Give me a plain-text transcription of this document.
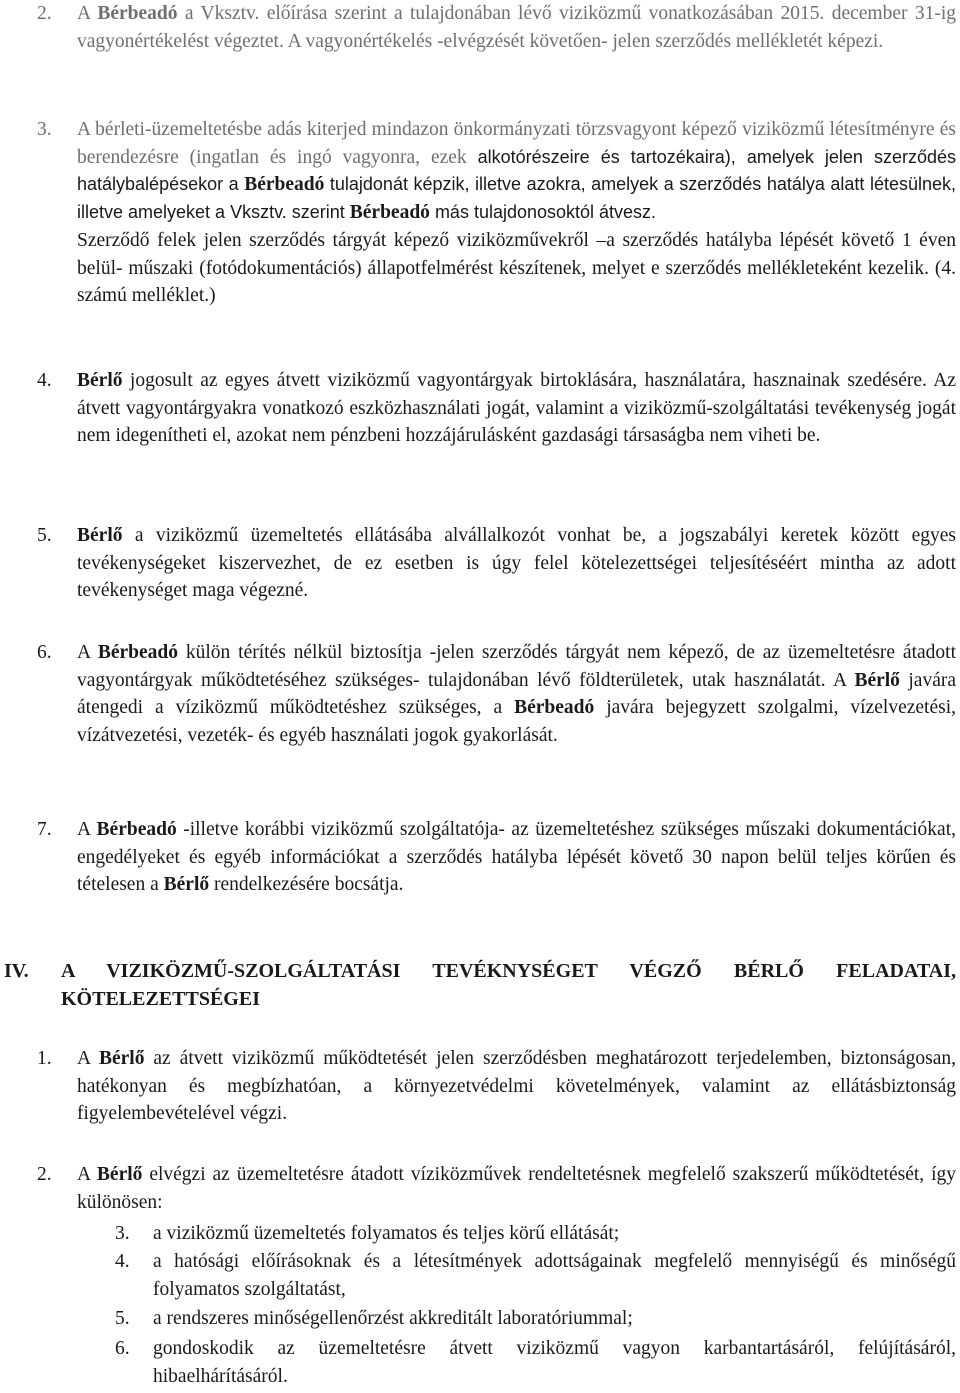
2. A Bérbeadó a Vksztv. előírása szerint a tulajdonában lévő viziközmű vonatkozásában 2015. december 31-ig vagyonértékelést végeztet. A vagyonértékelés -elvégzését követően- jelen szerződés mellékletét képezi.
3. A bérleti-üzemeltetésbe adás kiterjed mindazon önkormányzati törzsvagyont képező viziközmű létesítményre és berendezésre (ingatlan és ingó vagyonra, ezek alkotórészeire és tartozékaira), amelyek jelen szerződés hatálybalépésekor a Bérbeadó tulajdonát képzik, illetve azokra, amelyek a szerződés hatálya alatt létesülnek, illetve amelyeket a Vksztv. szerint Bérbeadó más tulajdonosoktól átvesz.
Szerződő felek jelen szerződés tárgyát képező viziközművekről –a szerződés hatályba lépését követő 1 éven belül- műszaki (fotódokumentációs) állapotfelmérést készítenek, melyet e szerződés mellékleteként kezelik. (4. számú melléklet.)
4. Bérlő jogosult az egyes átvett viziközmű vagyontárgyak birtoklására, használatára, hasznainak szedésére. Az átvett vagyontárgyakra vonatkozó eszközhasználati jogát, valamint a viziközmű-szolgáltatási tevékenység jogát nem idegenítheti el, azokat nem pénzbeni hozzájárulásként gazdasági társaságba nem viheti be.
5. Bérlő a viziközmű üzemeltetés ellátásába alvállalkozót vonhat be, a jogszabályi keretek között egyes tevékenységeket kiszervezhet, de ez esetben is úgy felel kötelezettségei teljesítéséért mintha az adott tevékenységet maga végezné.
6. A Bérbeadó külön térítés nélkül biztosítja -jelen szerződés tárgyát nem képező, de az üzemeltetésre átadott vagyontárgyak működtetéséhez szükséges- tulajdonában lévő földterületek, utak használatát. A Bérlő javára átengedi a víziközmű működtetéshez szükséges, a Bérbeadó javára bejegyzett szolgalmi, vízelvezetési, vízátvezetési, vezeték- és egyéb használati jogok gyakorlását.
7. A Bérbeadó -illetve korábbi viziközmű szolgáltatója- az üzemeltetéshez szükséges műszaki dokumentációkat, engedélyeket és egyéb információkat a szerződés hatályba lépését követő 30 napon belül teljes körűen és tételesen a Bérlő rendelkezésére bocsátja.
IV. A VIZIKÖZMŰ-SZOLGÁLTATÁSI TEVÉKNYSÉGET VÉGZŐ BÉRLŐ FELADATAI, KÖTELEZETTSÉGEI
1. A Bérlő az átvett viziközmű működtetését jelen szerződésben meghatározott terjedelemben, biztonságosan, hatékonyan és megbízhatóan, a környezetvédelmi követelmények, valamint az ellátásbiztonság figyelembevételével végzi.
2. A Bérlő elvégzi az üzemeltetésre átadott víziközművek rendeltetésnek megfelelő szakszerű működtetését, így különösen:
3. a viziközmű üzemeltetés folyamatos és teljes körű ellátását;
4. a hatósági előírásoknak és a létesítmények adottságainak megfelelő mennyiségű és minőségű folyamatos szolgáltatást,
5. a rendszeres minőségellenőrzést akkreditált laboratóriummal;
6. gondoskodik az üzemeltetésre átvett viziközmű vagyon karbantartásáról, felújításáról, hibaelhárításáról.
